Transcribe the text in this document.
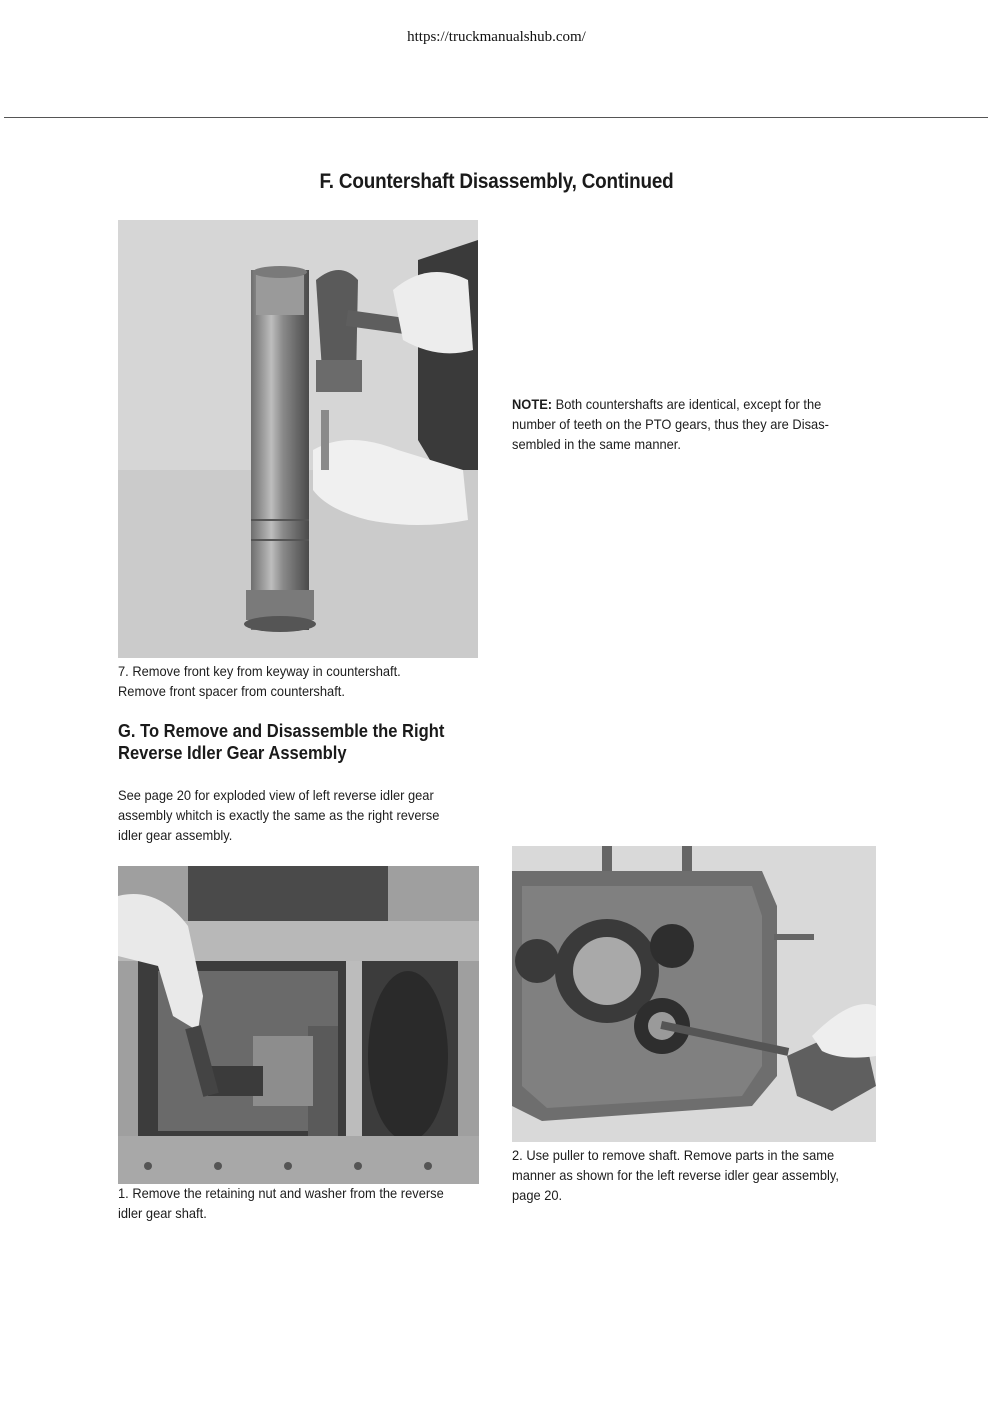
https://truckmanualshub.com/
F. Countershaft Disassembly, Continued

7. Remove front key from keyway in countershaft.
Remove front spacer from countershaft.

NOTE: Both countershafts are identical, except for the
number of teeth on the PTO gears, thus they are Disas-
sembled in the same manner.

G. To Remove and Disassemble the Right
Reverse Idler Gear Assembly

See page 20 for exploded view of left reverse idler gear
assembly whitch is exactly the same as the right reverse
idler gear assembly.

1. Remove the retaining nut and washer from the reverse
idler gear shaft.

2. Use puller to remove shaft. Remove parts in the same
manner as shown for the left reverse idler gear assembly,
page 20.
